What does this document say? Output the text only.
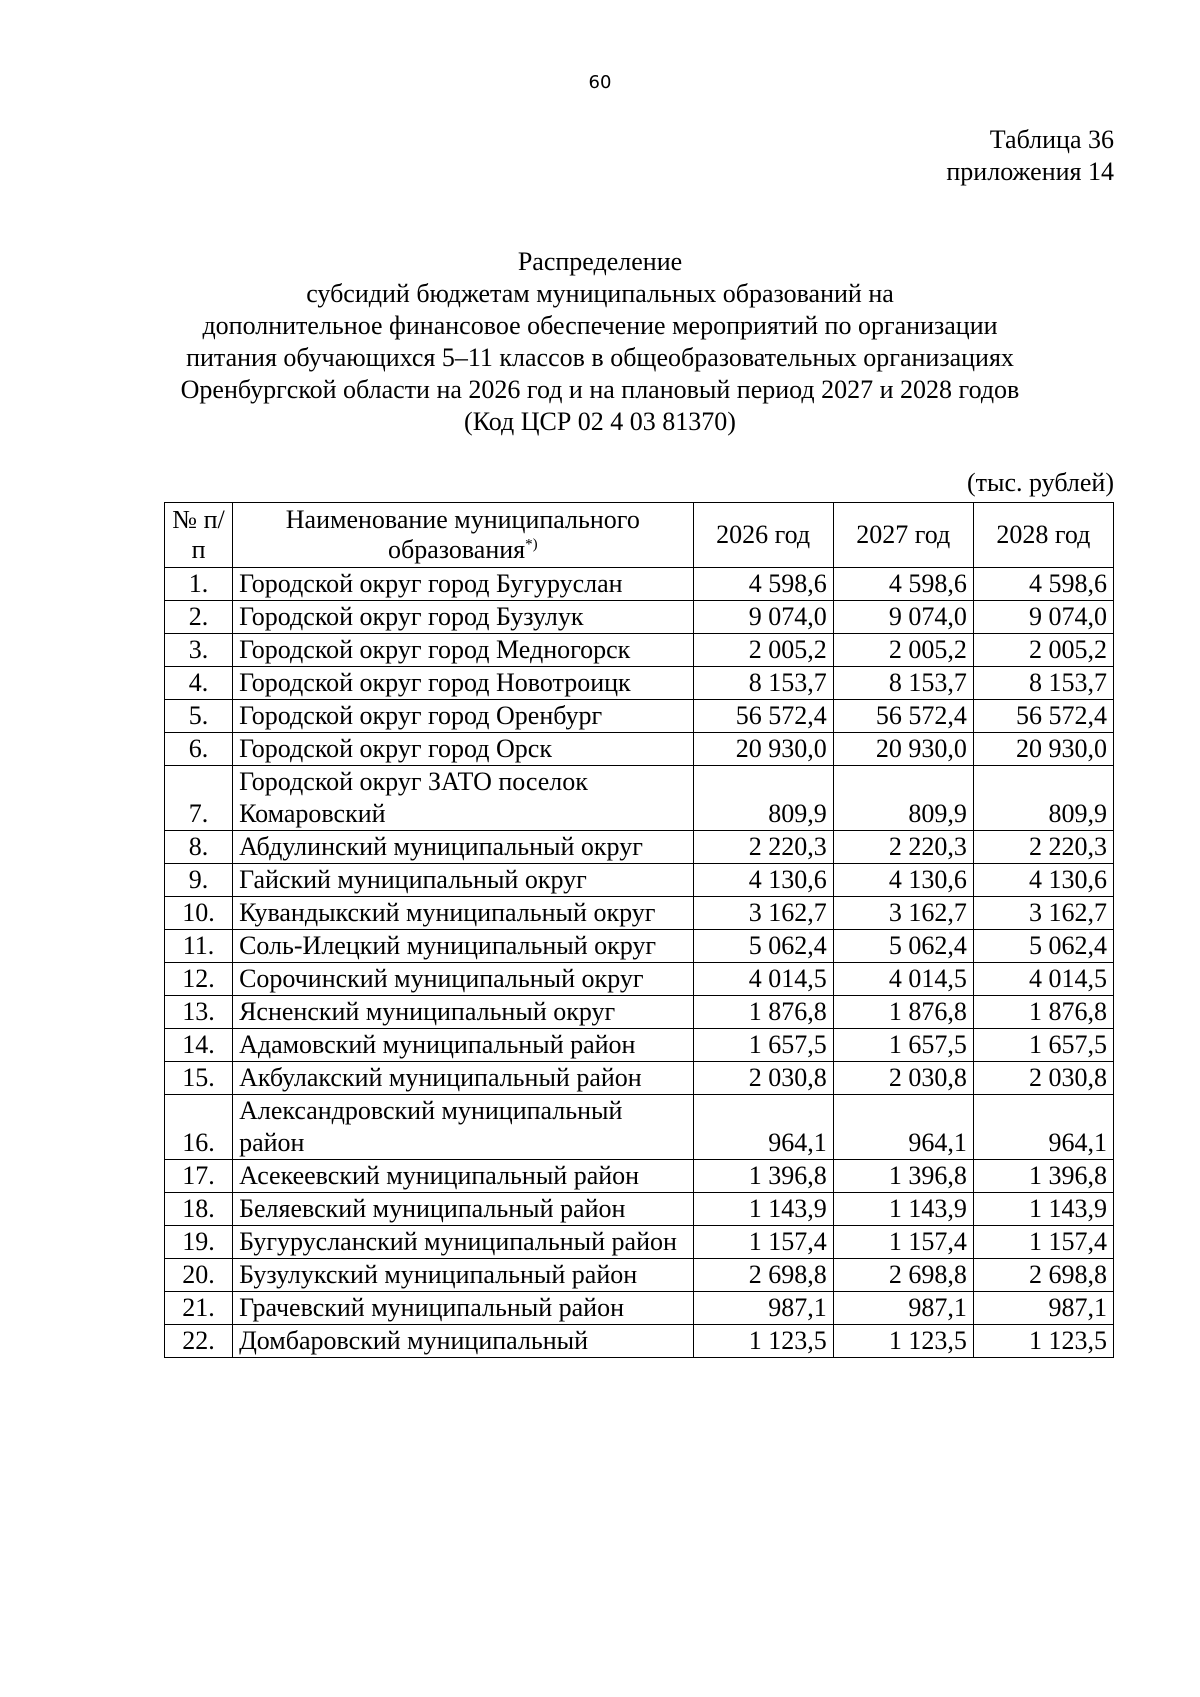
60
Таблица 36
приложения 14
Распределение
субсидий бюджетам муниципальных образований на
дополнительное финансовое обеспечение мероприятий по организации
питания обучающихся 5–11 классов в общеобразовательных организациях
Оренбургской области на 2026 год и на плановый период 2027 и 2028 годов
(Код ЦСР 02 4 03 81370)
(тыс. рублей)
№ п/п	Наименование муниципального образования*)	2026 год	2027 год	2028 год
1.	Городской округ город Бугуруслан	4 598,6	4 598,6	4 598,6
2.	Городской округ город Бузулук	9 074,0	9 074,0	9 074,0
3.	Городской округ город Медногорск	2 005,2	2 005,2	2 005,2
4.	Городской округ город Новотроицк	8 153,7	8 153,7	8 153,7
5.	Городской округ город Оренбург	56 572,4	56 572,4	56 572,4
6.	Городской округ город Орск	20 930,0	20 930,0	20 930,0
7.	Городской округ ЗАТО поселок Комаровский	809,9	809,9	809,9
8.	Абдулинский муниципальный округ	2 220,3	2 220,3	2 220,3
9.	Гайский муниципальный округ	4 130,6	4 130,6	4 130,6
10.	Кувандыкский муниципальный округ	3 162,7	3 162,7	3 162,7
11.	Соль-Илецкий муниципальный округ	5 062,4	5 062,4	5 062,4
12.	Сорочинский муниципальный округ	4 014,5	4 014,5	4 014,5
13.	Ясненский муниципальный округ	1 876,8	1 876,8	1 876,8
14.	Адамовский муниципальный район	1 657,5	1 657,5	1 657,5
15.	Акбулакский муниципальный район	2 030,8	2 030,8	2 030,8
16.	Александровский муниципальный район	964,1	964,1	964,1
17.	Асекеевский муниципальный район	1 396,8	1 396,8	1 396,8
18.	Беляевский муниципальный район	1 143,9	1 143,9	1 143,9
19.	Бугурусланский муниципальный район	1 157,4	1 157,4	1 157,4
20.	Бузулукский муниципальный район	2 698,8	2 698,8	2 698,8
21.	Грачевский муниципальный район	987,1	987,1	987,1
22.	Домбаровский муниципальный	1 123,5	1 123,5	1 123,5
